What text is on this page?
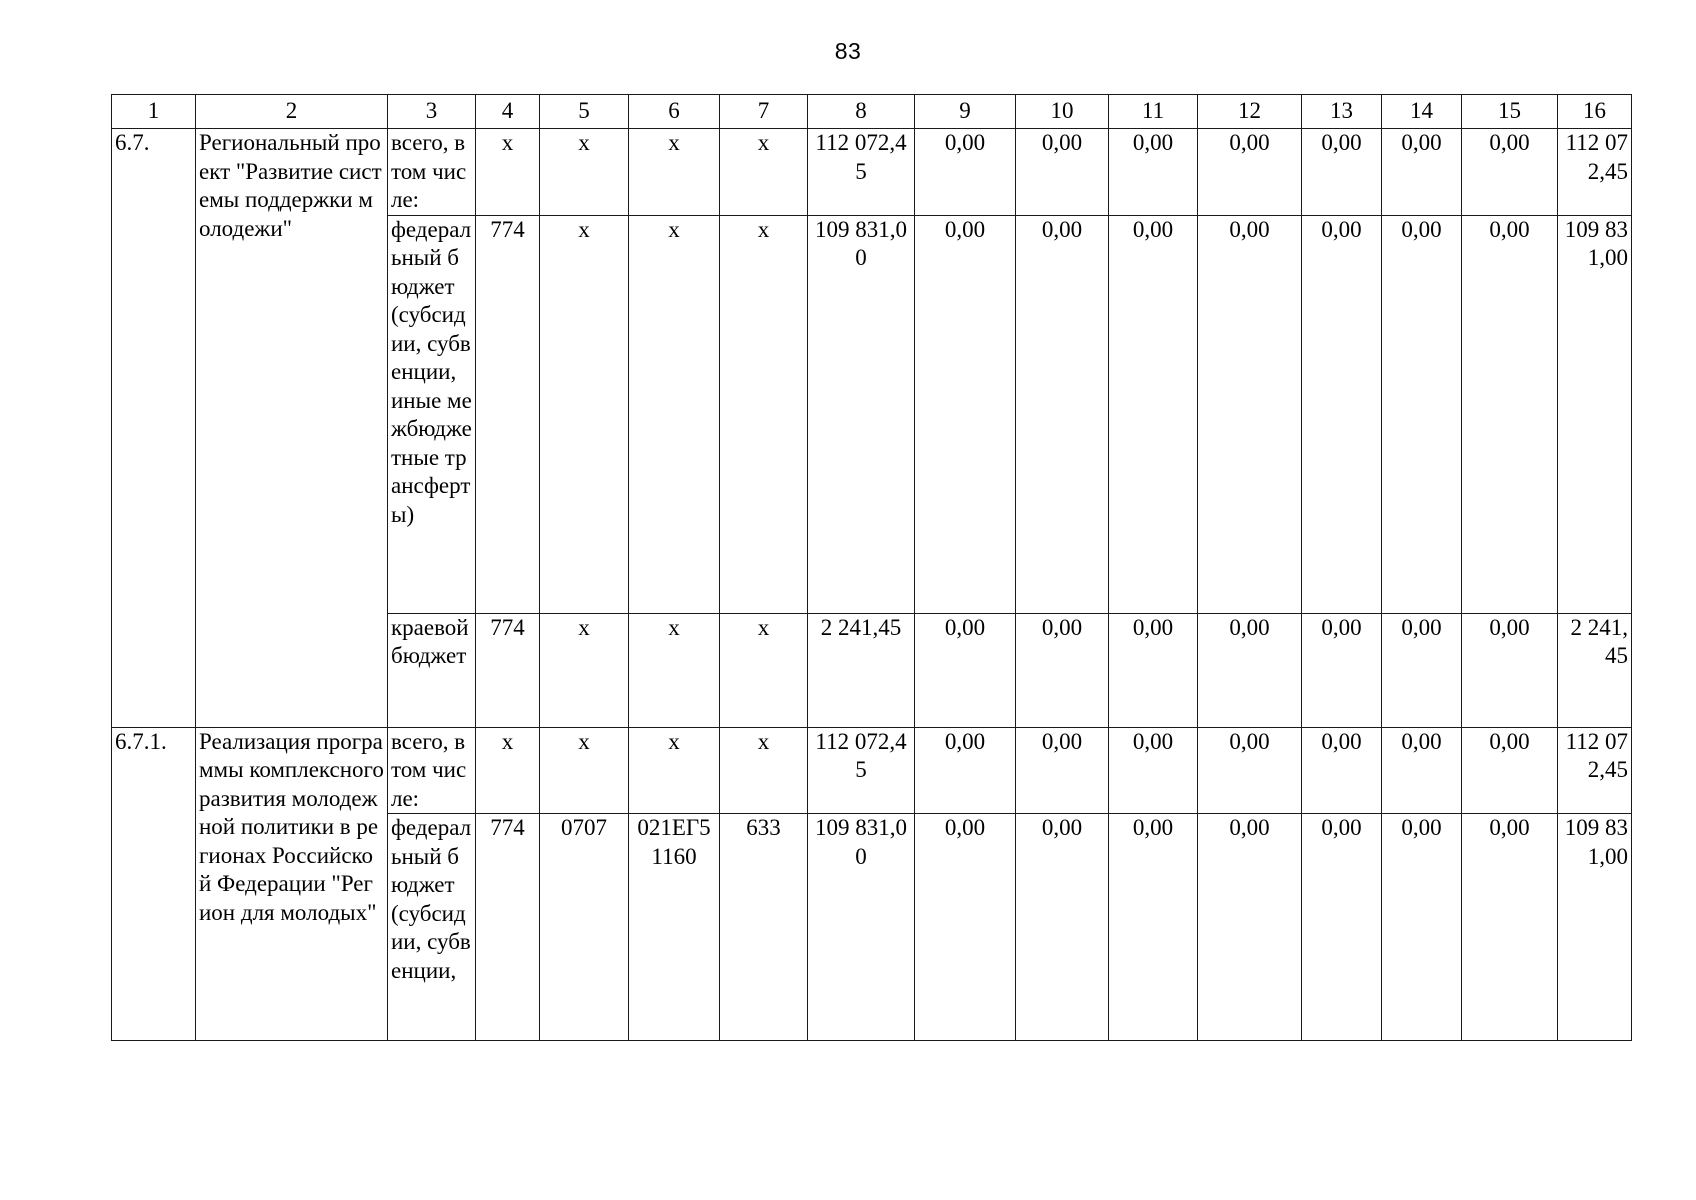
83
1	2	3	4	5	6	7	8	9	10	11	12	13	14	15	16
6.7.	Региональный проект "Развитие системы поддержки молодежи"	всего, в том числе:	х	х	х	х	112 072,45	0,00	0,00	0,00	0,00	0,00	0,00	0,00	112 072,45
		федеральный бюджет (субсидии, субвенции, иные межбюджетные трансферты)	774	х	х	х	109 831,00	0,00	0,00	0,00	0,00	0,00	0,00	0,00	109 831,00
		краевой бюджет	774	х	х	х	2 241,45	0,00	0,00	0,00	0,00	0,00	0,00	0,00	2 241,45
6.7.1.	Реализация программы комплексного развития молодежной политики в регионах Российской Федерации "Регион для молодых"	всего, в том числе:	х	х	х	х	112 072,45	0,00	0,00	0,00	0,00	0,00	0,00	0,00	112 072,45
		федеральный бюджет (субсидии, субвенции,	774	0707	021ЕГ51160	633	109 831,00	0,00	0,00	0,00	0,00	0,00	0,00	0,00	109 831,00
